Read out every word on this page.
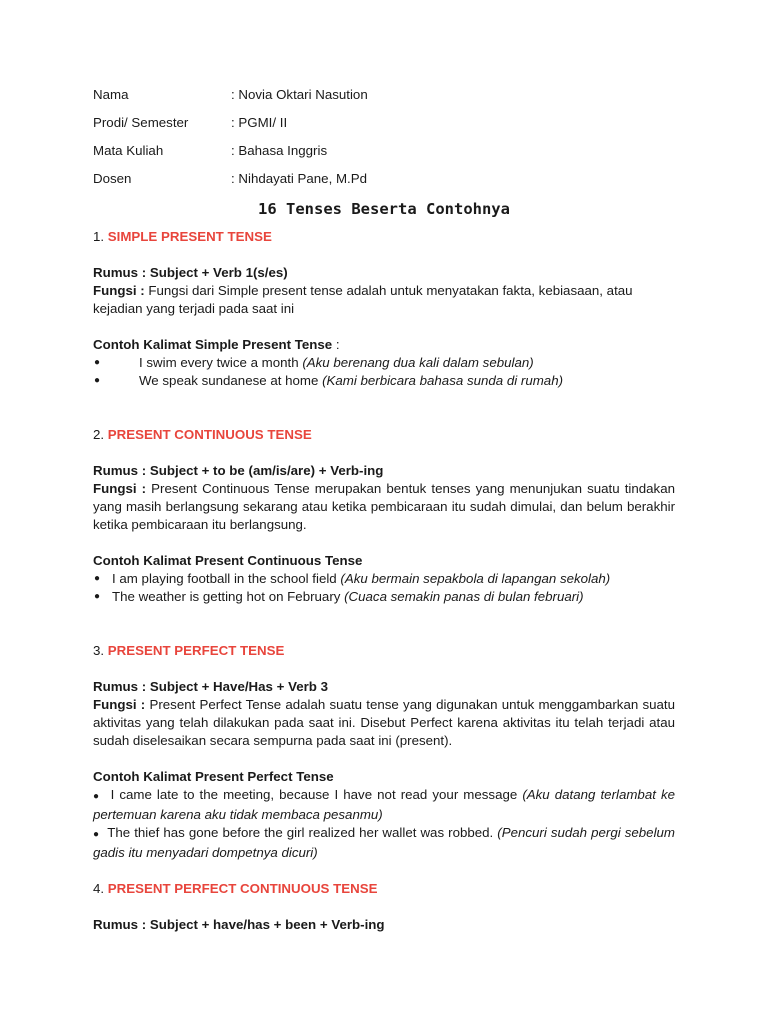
Nama	: Novia Oktari Nasution
Prodi/ Semester	: PGMI/ II
Mata Kuliah	: Bahasa Inggris
Dosen	: Nihdayati Pane, M.Pd
16 Tenses Beserta Contohnya

1. SIMPLE PRESENT TENSE

Rumus : Subject + Verb 1(s/es)

Fungsi : Fungsi dari Simple present tense adalah untuk menyatakan fakta, kebiasaan, atau kejadian yang terjadi pada saat ini

Contoh Kalimat Simple Present Tense :

●	I swim every twice a month (Aku berenang dua kali dalam sebulan)
●	We speak sundanese at home (Kami berbicara bahasa sunda di rumah)

2. PRESENT CONTINUOUS TENSE

Rumus : Subject + to be (am/is/are) + Verb-ing

Fungsi : Present Continuous Tense merupakan bentuk tenses yang menunjukan suatu tindakan yang masih berlangsung sekarang atau ketika pembicaraan itu sudah dimulai, dan belum berakhir ketika pembicaraan itu berlangsung.

Contoh Kalimat Present Continuous Tense

● I am playing football in the school field (Aku bermain sepakbola di lapangan sekolah)
● The weather is getting hot on February (Cuaca semakin panas di bulan februari)

3. PRESENT PERFECT TENSE

Rumus : Subject + Have/Has + Verb 3

Fungsi : Present Perfect Tense adalah suatu tense yang digunakan untuk menggambarkan suatu aktivitas yang telah dilakukan pada saat ini. Disebut Perfect karena aktivitas itu telah terjadi atau sudah diselesaikan secara sempurna pada saat ini (present).

Contoh Kalimat Present Perfect Tense

● I came late to the meeting, because I have not read your message (Aku datang terlambat ke pertemuan karena aku tidak membaca pesanmu)
● The thief has gone before the girl realized her wallet was robbed. (Pencuri sudah pergi sebelum gadis itu menyadari dompetnya dicuri)

4. PRESENT PERFECT CONTINUOUS TENSE

Rumus : Subject + have/has + been + Verb-ing
